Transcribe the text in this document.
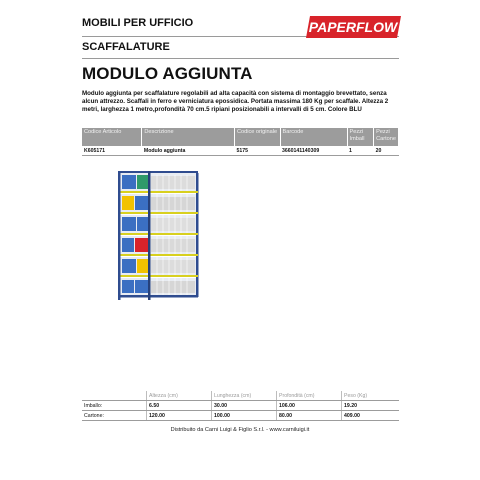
MOBILI PER UFFICIO
SCAFFALATURE
PAPERFLOW
MODULO AGGIUNTA
Modulo aggiunta per scaffalature regolabili ad alta capacità con sistema di montaggio brevettato, senza alcun attrezzo. Scaffali in ferro e verniciatura epossidica. Portata massima 180 Kg per scaffale. Altezza 2 metri, larghezza 1 metro,profondità 70 cm.5 ripiani posizionabili a intervalli di 5 cm. Colore BLU
Codice Articolo	Descrizione	Codice originale	Barcode	Pezzi Imball	Pezzi Cartone
K605171	Modulo aggiunta	5175	3660141140309	1	20
	Altezza (cm)	Lunghezza (cm)	Profondità (cm)	Peso (Kg)
Imballo:	6.50	30.00	106.00	19.20
Cartone:	120.00	100.00	80.00	409.00
Distribuito da Carni Luigi & Figlio S.r.l. - www.carniluigi.it
